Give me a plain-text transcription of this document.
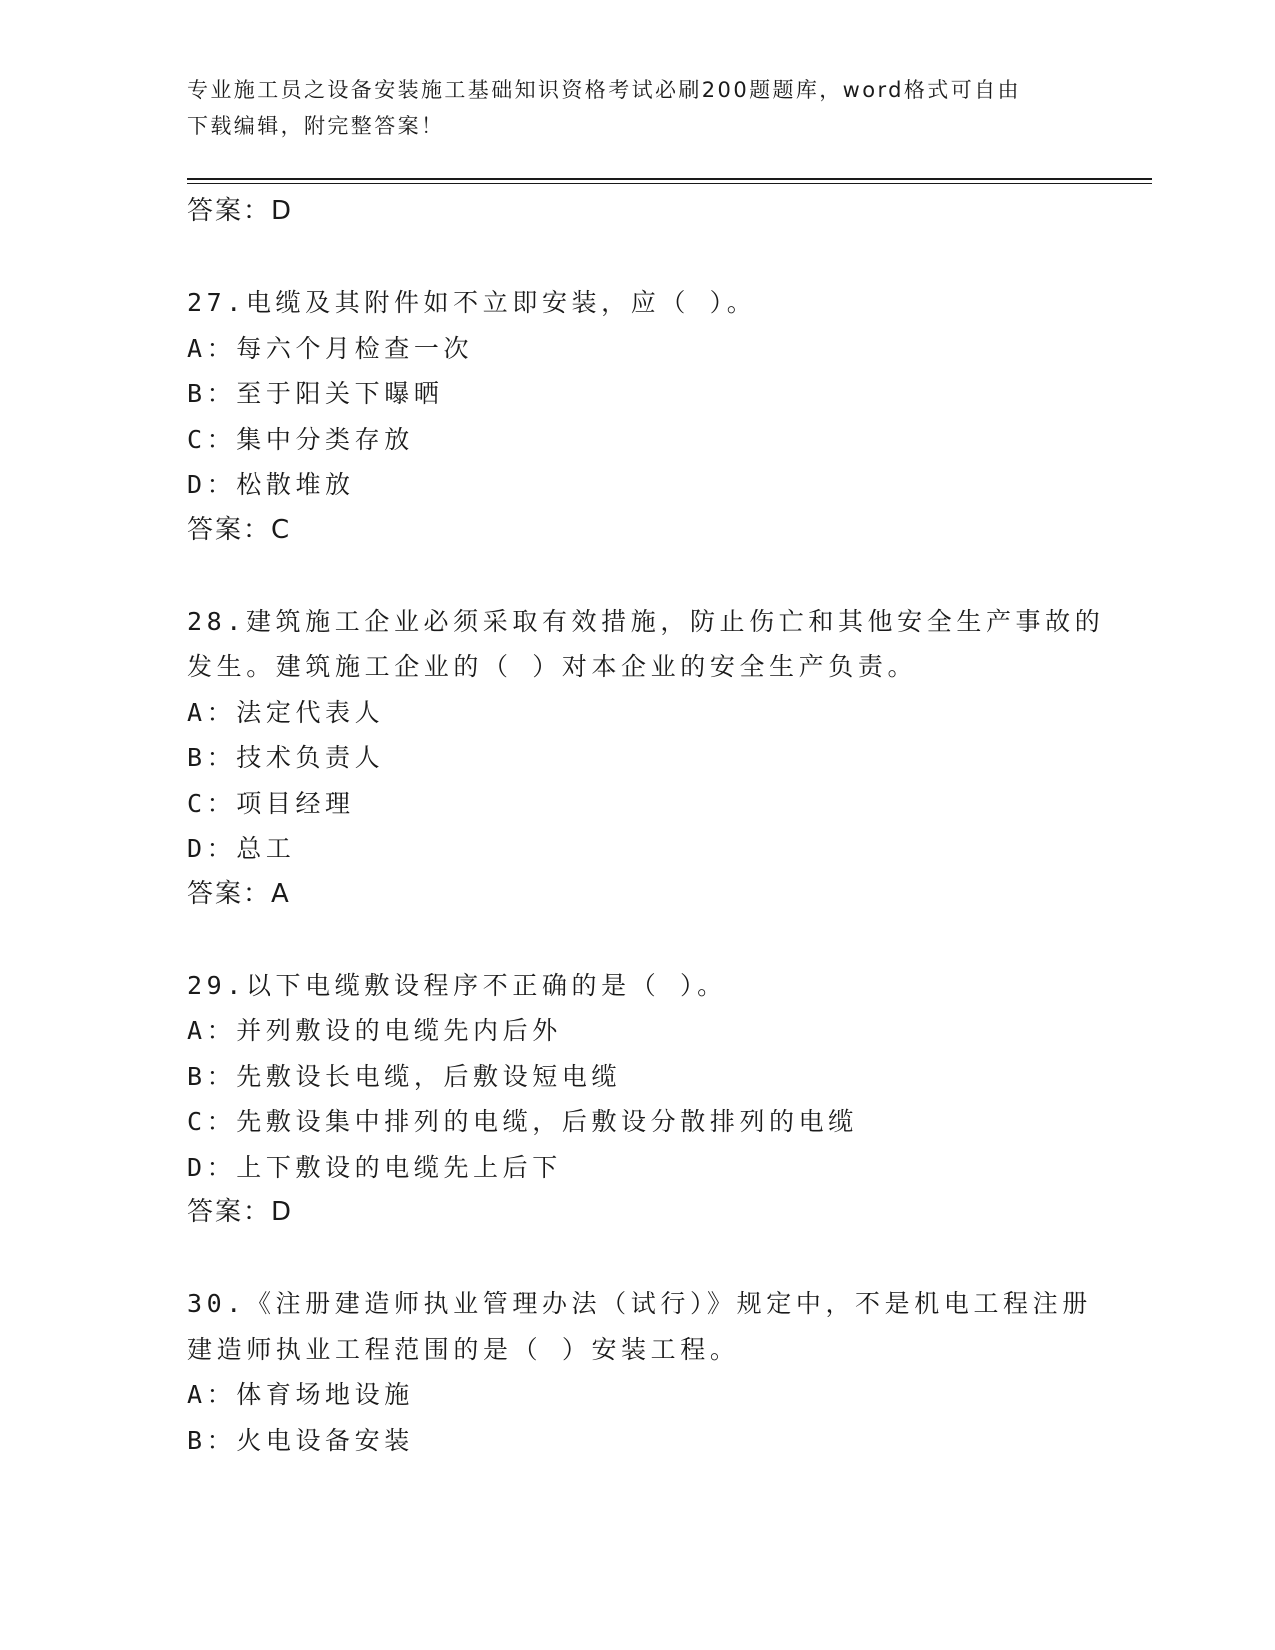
专业施工员之设备安装施工基础知识资格考试必刷200题题库，word格式可自由
下载编辑，附完整答案！
答案：D
27.电缆及其附件如不立即安装，应（ ）。
A：每六个月检查一次
B：至于阳关下曝晒
C：集中分类存放
D：松散堆放
答案：C
28.建筑施工企业必须采取有效措施，防止伤亡和其他安全生产事故的
发生。建筑施工企业的（ ）对本企业的安全生产负责。
A：法定代表人
B：技术负责人
C：项目经理
D：总工
答案：A
29.以下电缆敷设程序不正确的是（ ）。
A：并列敷设的电缆先内后外
B：先敷设长电缆，后敷设短电缆
C：先敷设集中排列的电缆，后敷设分散排列的电缆
D：上下敷设的电缆先上后下
答案：D
30.《注册建造师执业管理办法（试行）》规定中，不是机电工程注册
建造师执业工程范围的是（ ）安装工程。
A：体育场地设施
B：火电设备安装
